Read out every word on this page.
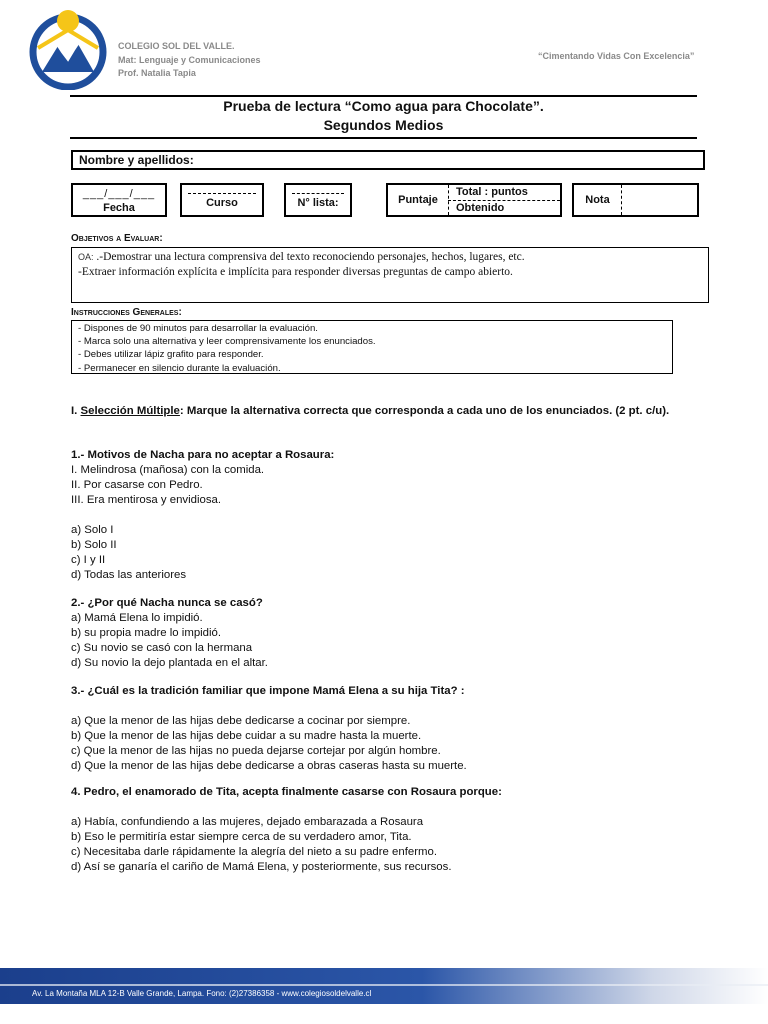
COLEGIO SOL DEL VALLE.
Mat: Lenguaje y Comunicaciones
Prof. Natalia Tapia
“Cimentando Vidas Con Excelencia”
Prueba de lectura “Como agua para Chocolate”.
Segundos Medios
Nombre y apellidos:
___/___/___
Fecha	Curso	N° lista:	Puntaje
Total : puntos
Obtenido
Nota
Objetivos a Evaluar:
OA: .-Demostrar una lectura comprensiva del texto reconociendo personajes, hechos, lugares, etc.
-Extraer información explícita e implícita para responder diversas preguntas de campo abierto.
Instrucciones Generales:
- Dispones de 90 minutos para desarrollar la evaluación.
- Marca solo una alternativa y leer comprensivamente los enunciados.
- Debes utilizar lápiz grafito para responder.
- Permanecer en silencio durante la evaluación.
I. Selección Múltiple: Marque la alternativa correcta que corresponda a cada uno de los enunciados. (2 pt. c/u).
1.- Motivos de Nacha para no aceptar a Rosaura:
I. Melindrosa (mañosa) con la comida.
II. Por casarse con Pedro.
III. Era mentirosa y envidiosa.
a) Solo I
b) Solo II
c) I y II
d) Todas las anteriores
2.- ¿Por qué Nacha nunca se casó?
a) Mamá Elena lo impidió.
b) su propia madre lo impidió.
c) Su novio se casó con la hermana
d) Su novio la dejo plantada en el altar.
3.- ¿Cuál es la tradición familiar que impone Mamá Elena a su hija Tita? :
a) Que la menor de las hijas debe dedicarse a cocinar por siempre.
b) Que la menor de las hijas debe cuidar a su madre hasta la muerte.
c) Que la menor de las hijas no pueda dejarse cortejar por algún hombre.
d) Que la menor de las hijas debe dedicarse a obras caseras hasta su muerte.
4. Pedro, el enamorado de Tita, acepta finalmente casarse con Rosaura porque:
a) Había, confundiendo a las mujeres, dejado embarazada a Rosaura
b) Eso le permitiría estar siempre cerca de su verdadero amor, Tita.
c) Necesitaba darle rápidamente la alegría del nieto a su padre enfermo.
d) Así se ganaría el cariño de Mamá Elena, y posteriormente, sus recursos.
Av. La Montaña MLA 12-B Valle Grande, Lampa. Fono: (2)27386358 - www.colegiosoldelvalle.cl
